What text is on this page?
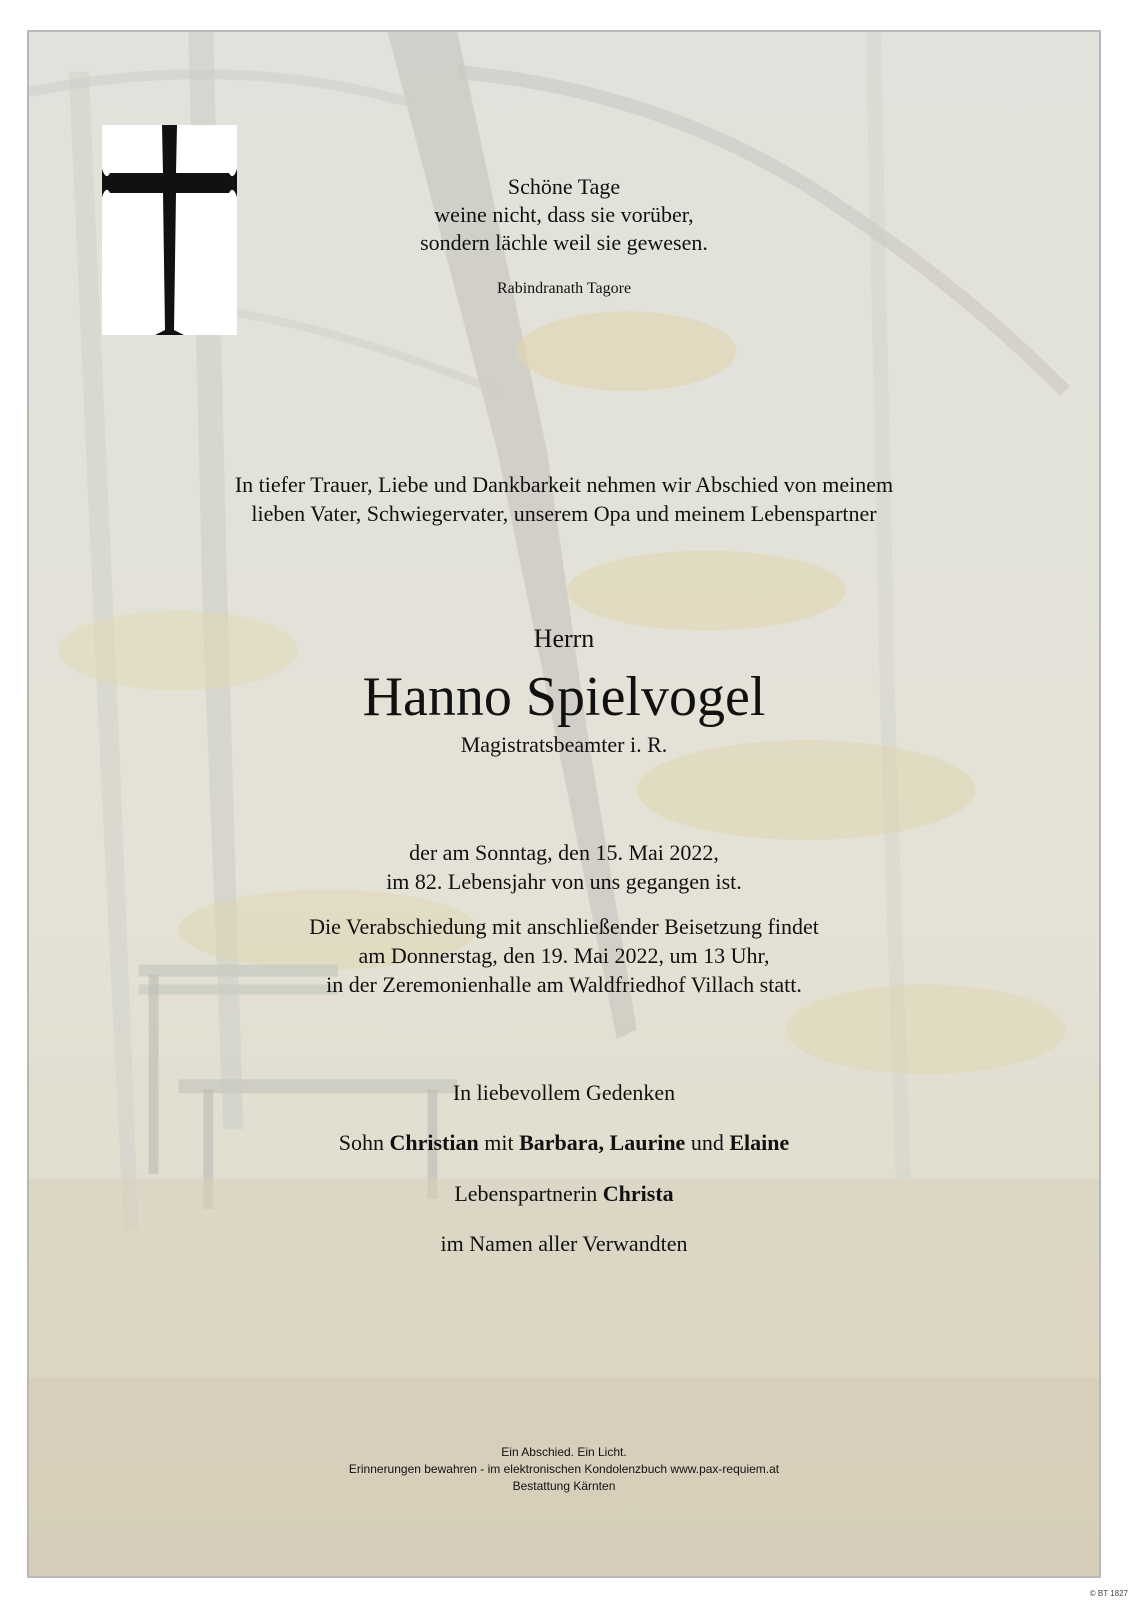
Schöne Tage
weine nicht, dass sie vorüber,
sondern lächle weil sie gewesen.
Rabindranath Tagore
In tiefer Trauer, Liebe und Dankbarkeit nehmen wir Abschied von meinem
lieben Vater, Schwiegervater, unserem Opa und meinem Lebenspartner
Herrn
Hanno Spielvogel
Magistratsbeamter i. R.
der am Sonntag, den 15. Mai 2022,
im 82. Lebensjahr von uns gegangen ist.
Die Verabschiedung mit anschließender Beisetzung findet
am Donnerstag, den 19. Mai 2022, um 13 Uhr,
in der Zeremonienhalle am Waldfriedhof Villach statt.
In liebevollem Gedenken
Sohn Christian mit Barbara, Laurine und Elaine
Lebenspartnerin Christa
im Namen aller Verwandten
Ein Abschied. Ein Licht.
Erinnerungen bewahren - im elektronischen Kondolenzbuch www.pax-requiem.at
Bestattung Kärnten
© BT 1827
